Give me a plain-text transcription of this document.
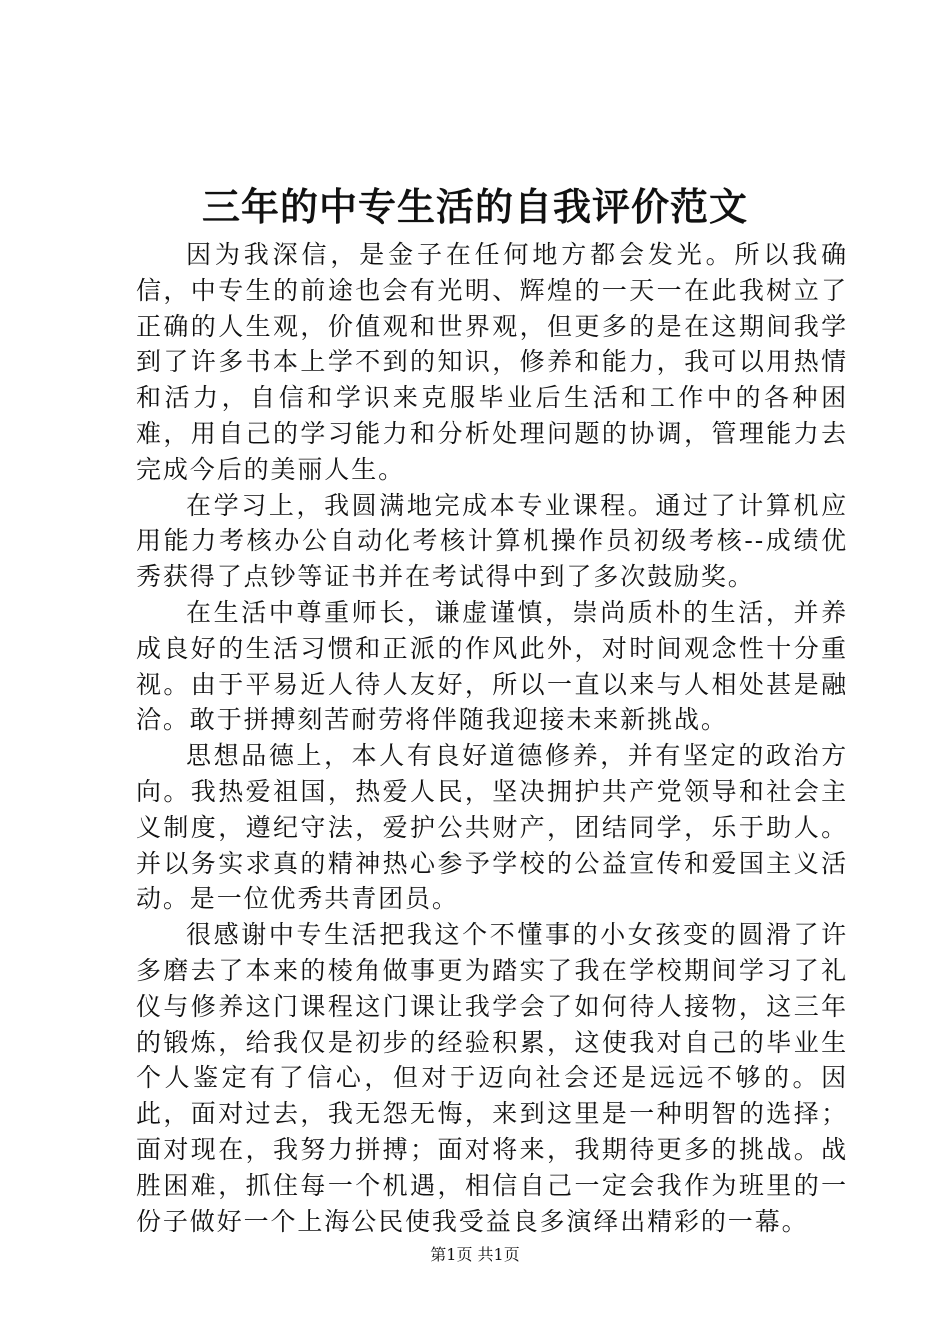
三年的中专生活的自我评价范文

因为我深信，是金子在任何地方都会发光。所以我确信，中专生的前途也会有光明、辉煌的一天一在此我树立了正确的人生观，价值观和世界观，但更多的是在这期间我学到了许多书本上学不到的知识，修养和能力，我可以用热情和活力，自信和学识来克服毕业后生活和工作中的各种困难，用自己的学习能力和分析处理问题的协调，管理能力去完成今后的美丽人生。

在学习上，我圆满地完成本专业课程。通过了计算机应用能力考核办公自动化考核计算机操作员初级考核--成绩优秀获得了点钞等证书并在考试得中到了多次鼓励奖。

在生活中尊重师长，谦虚谨慎，崇尚质朴的生活，并养成良好的生活习惯和正派的作风此外，对时间观念性十分重视。由于平易近人待人友好，所以一直以来与人相处甚是融洽。敢于拼搏刻苦耐劳将伴随我迎接未来新挑战。

思想品德上，本人有良好道德修养，并有坚定的政治方向。我热爱祖国，热爱人民，坚决拥护共产党领导和社会主义制度，遵纪守法，爱护公共财产，团结同学，乐于助人。并以务实求真的精神热心参予学校的公益宣传和爱国主义活动。是一位优秀共青团员。

很感谢中专生活把我这个不懂事的小女孩变的圆滑了许多磨去了本来的棱角做事更为踏实了我在学校期间学习了礼仪与修养这门课程这门课让我学会了如何待人接物，这三年的锻炼，给我仅是初步的经验积累，这使我对自己的毕业生个人鉴定有了信心，但对于迈向社会还是远远不够的。因此，面对过去，我无怨无悔，来到这里是一种明智的选择；面对现在，我努力拼搏；面对将来，我期待更多的挑战。战胜困难，抓住每一个机遇，相信自己一定会我作为班里的一份子做好一个上海公民使我受益良多演绎出精彩的一幕。

第1页 共1页
